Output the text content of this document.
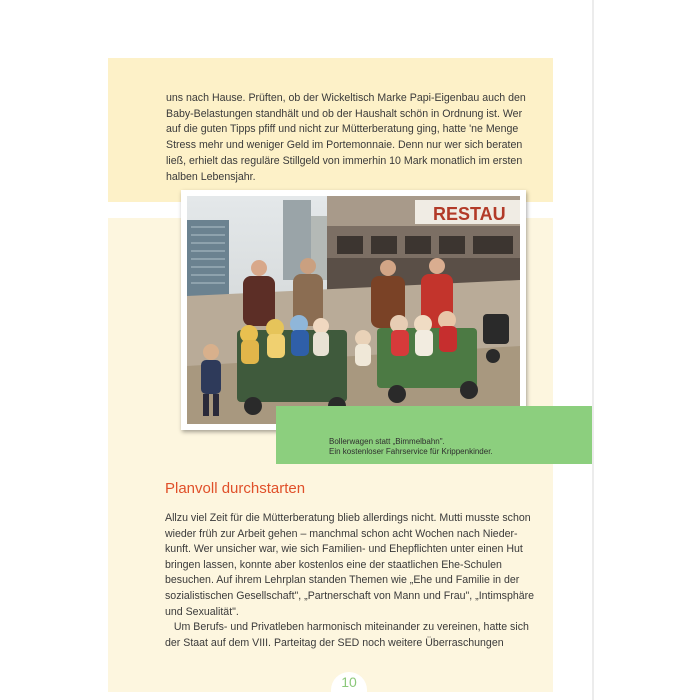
uns nach Hause. Prüften, ob der Wickeltisch Marke Papi-Eigenbau auch den Baby-Belastungen standhält und ob der Haushalt schön in Ordnung ist. Wer auf die guten Tipps pfiff und nicht zur Mütterberatung ging, hatte 'ne Menge Stress mehr und weniger Geld im Portemonnaie. Denn nur wer sich beraten ließ, erhielt das reguläre Stillgeld von immerhin 10 Mark monatlich im ersten halben Lebensjahr.

RESTAU
Bollerwagen statt „Bimmelbahn".
Ein kostenloser Fahrservice für Krippenkinder.
Planvoll durchstarten
Allzu viel Zeit für die Mütterberatung blieb allerdings nicht. Mutti musste schon
wieder früh zur Arbeit gehen – manchmal schon acht Wochen nach Nieder-
kunft. Wer unsicher war, wie sich Familien- und Ehepflichten unter einen Hut
bringen lassen, konnte aber kostenlos eine der staatlichen Ehe-Schulen
besuchen. Auf ihrem Lehrplan standen Themen wie „Ehe und Familie in der
sozialistischen Gesellschaft", „Partnerschaft von Mann und Frau", „Intimsphäre
und Sexualität".
Um Berufs- und Privatleben harmonisch miteinander zu vereinen, hatte sich
der Staat auf dem VIII. Parteitag der SED noch weitere Überraschungen
10
